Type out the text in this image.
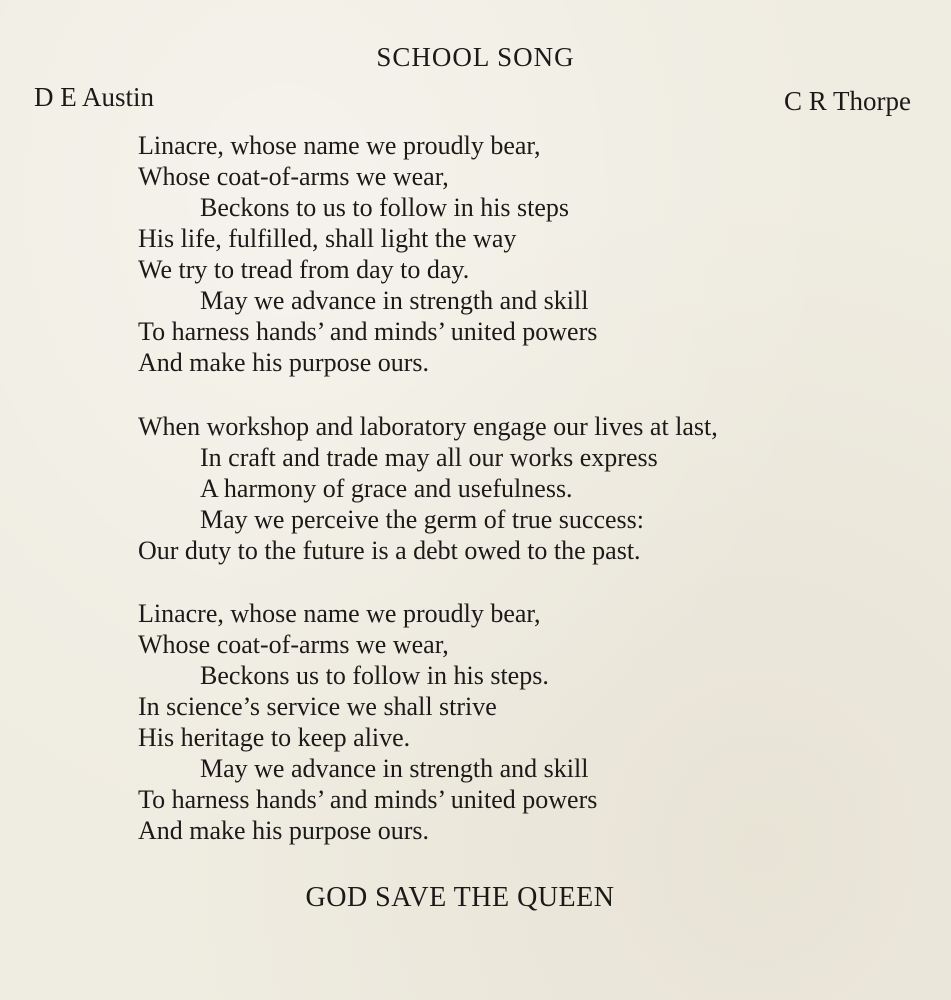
SCHOOL SONG
D E Austin	C R Thorpe
Linacre, whose name we proudly bear,
Whose coat-of-arms we wear,
Beckons to us to follow in his steps
His life, fulfilled, shall light the way
We try to tread from day to day.
May we advance in strength and skill
To harness hands’ and minds’ united powers
And make his purpose ours.
When workshop and laboratory engage our lives at last,
In craft and trade may all our works express
A harmony of grace and usefulness.
May we perceive the germ of true success:
Our duty to the future is a debt owed to the past.
Linacre, whose name we proudly bear,
Whose coat-of-arms we wear,
Beckons us to follow in his steps.
In science’s service we shall strive
His heritage to keep alive.
May we advance in strength and skill
To harness hands’ and minds’ united powers
And make his purpose ours.
GOD SAVE THE QUEEN
